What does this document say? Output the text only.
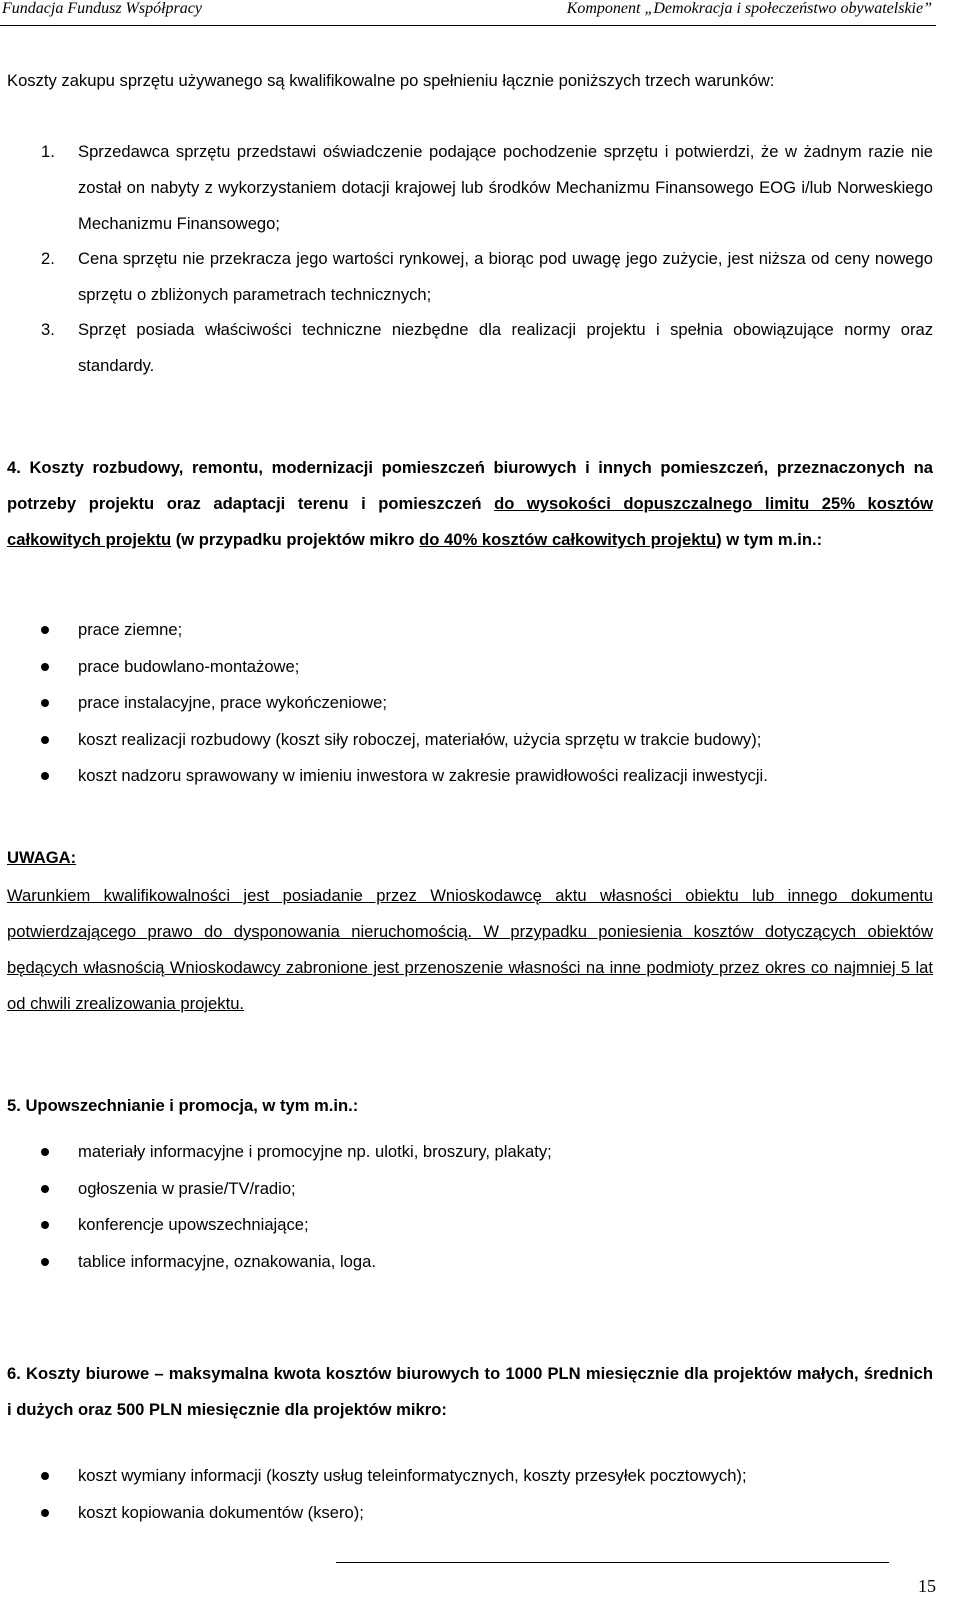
Fundacja Fundusz Współpracy	Komponent „Demokracja i społeczeństwo obywatelskie”

Koszty zakupu sprzętu używanego są kwalifikowalne po spełnieniu łącznie poniższych trzech warunków:

1. Sprzedawca sprzętu przedstawi oświadczenie podające pochodzenie sprzętu i potwierdzi, że w żadnym razie nie został on nabyty z wykorzystaniem dotacji krajowej lub środków Mechanizmu Finansowego EOG i/lub Norweskiego Mechanizmu Finansowego;
2. Cena sprzętu nie przekracza jego wartości rynkowej, a biorąc pod uwagę jego zużycie, jest niższa od ceny nowego sprzętu o zbliżonych parametrach technicznych;
3. Sprzęt posiada właściwości techniczne niezbędne dla realizacji projektu i spełnia obowiązujące normy oraz standardy.

4. Koszty rozbudowy, remontu, modernizacji pomieszczeń biurowych i innych pomieszczeń, przeznaczonych na potrzeby projektu oraz adaptacji terenu i pomieszczeń do wysokości dopuszczalnego limitu 25% kosztów całkowitych projektu (w przypadku projektów mikro do 40% kosztów całkowitych projektu) w tym m.in.:

prace ziemne;
prace budowlano-montażowe;
prace instalacyjne, prace wykończeniowe;
koszt realizacji rozbudowy (koszt siły roboczej, materiałów, użycia sprzętu w trakcie budowy);
koszt nadzoru sprawowany w imieniu inwestora w zakresie prawidłowości realizacji inwestycji.

UWAGA:

Warunkiem kwalifikowalności jest posiadanie przez Wnioskodawcę aktu własności obiektu lub innego dokumentu potwierdzającego prawo do dysponowania nieruchomością. W przypadku poniesienia kosztów dotyczących obiektów będących własnością Wnioskodawcy zabronione jest przenoszenie własności na inne podmioty przez okres co najmniej 5 lat od chwili zrealizowania projektu.

5. Upowszechnianie i promocja, w tym m.in.:

materiały informacyjne i promocyjne np. ulotki, broszury, plakaty;
ogłoszenia w prasie/TV/radio;
konferencje upowszechniające;
tablice informacyjne, oznakowania, loga.

6. Koszty biurowe – maksymalna kwota kosztów biurowych to 1000 PLN miesięcznie dla projektów małych, średnich i dużych oraz 500 PLN miesięcznie dla projektów mikro:

koszt wymiany informacji (koszty usług teleinformatycznych, koszty przesyłek pocztowych);
koszt kopiowania dokumentów (ksero);
15
